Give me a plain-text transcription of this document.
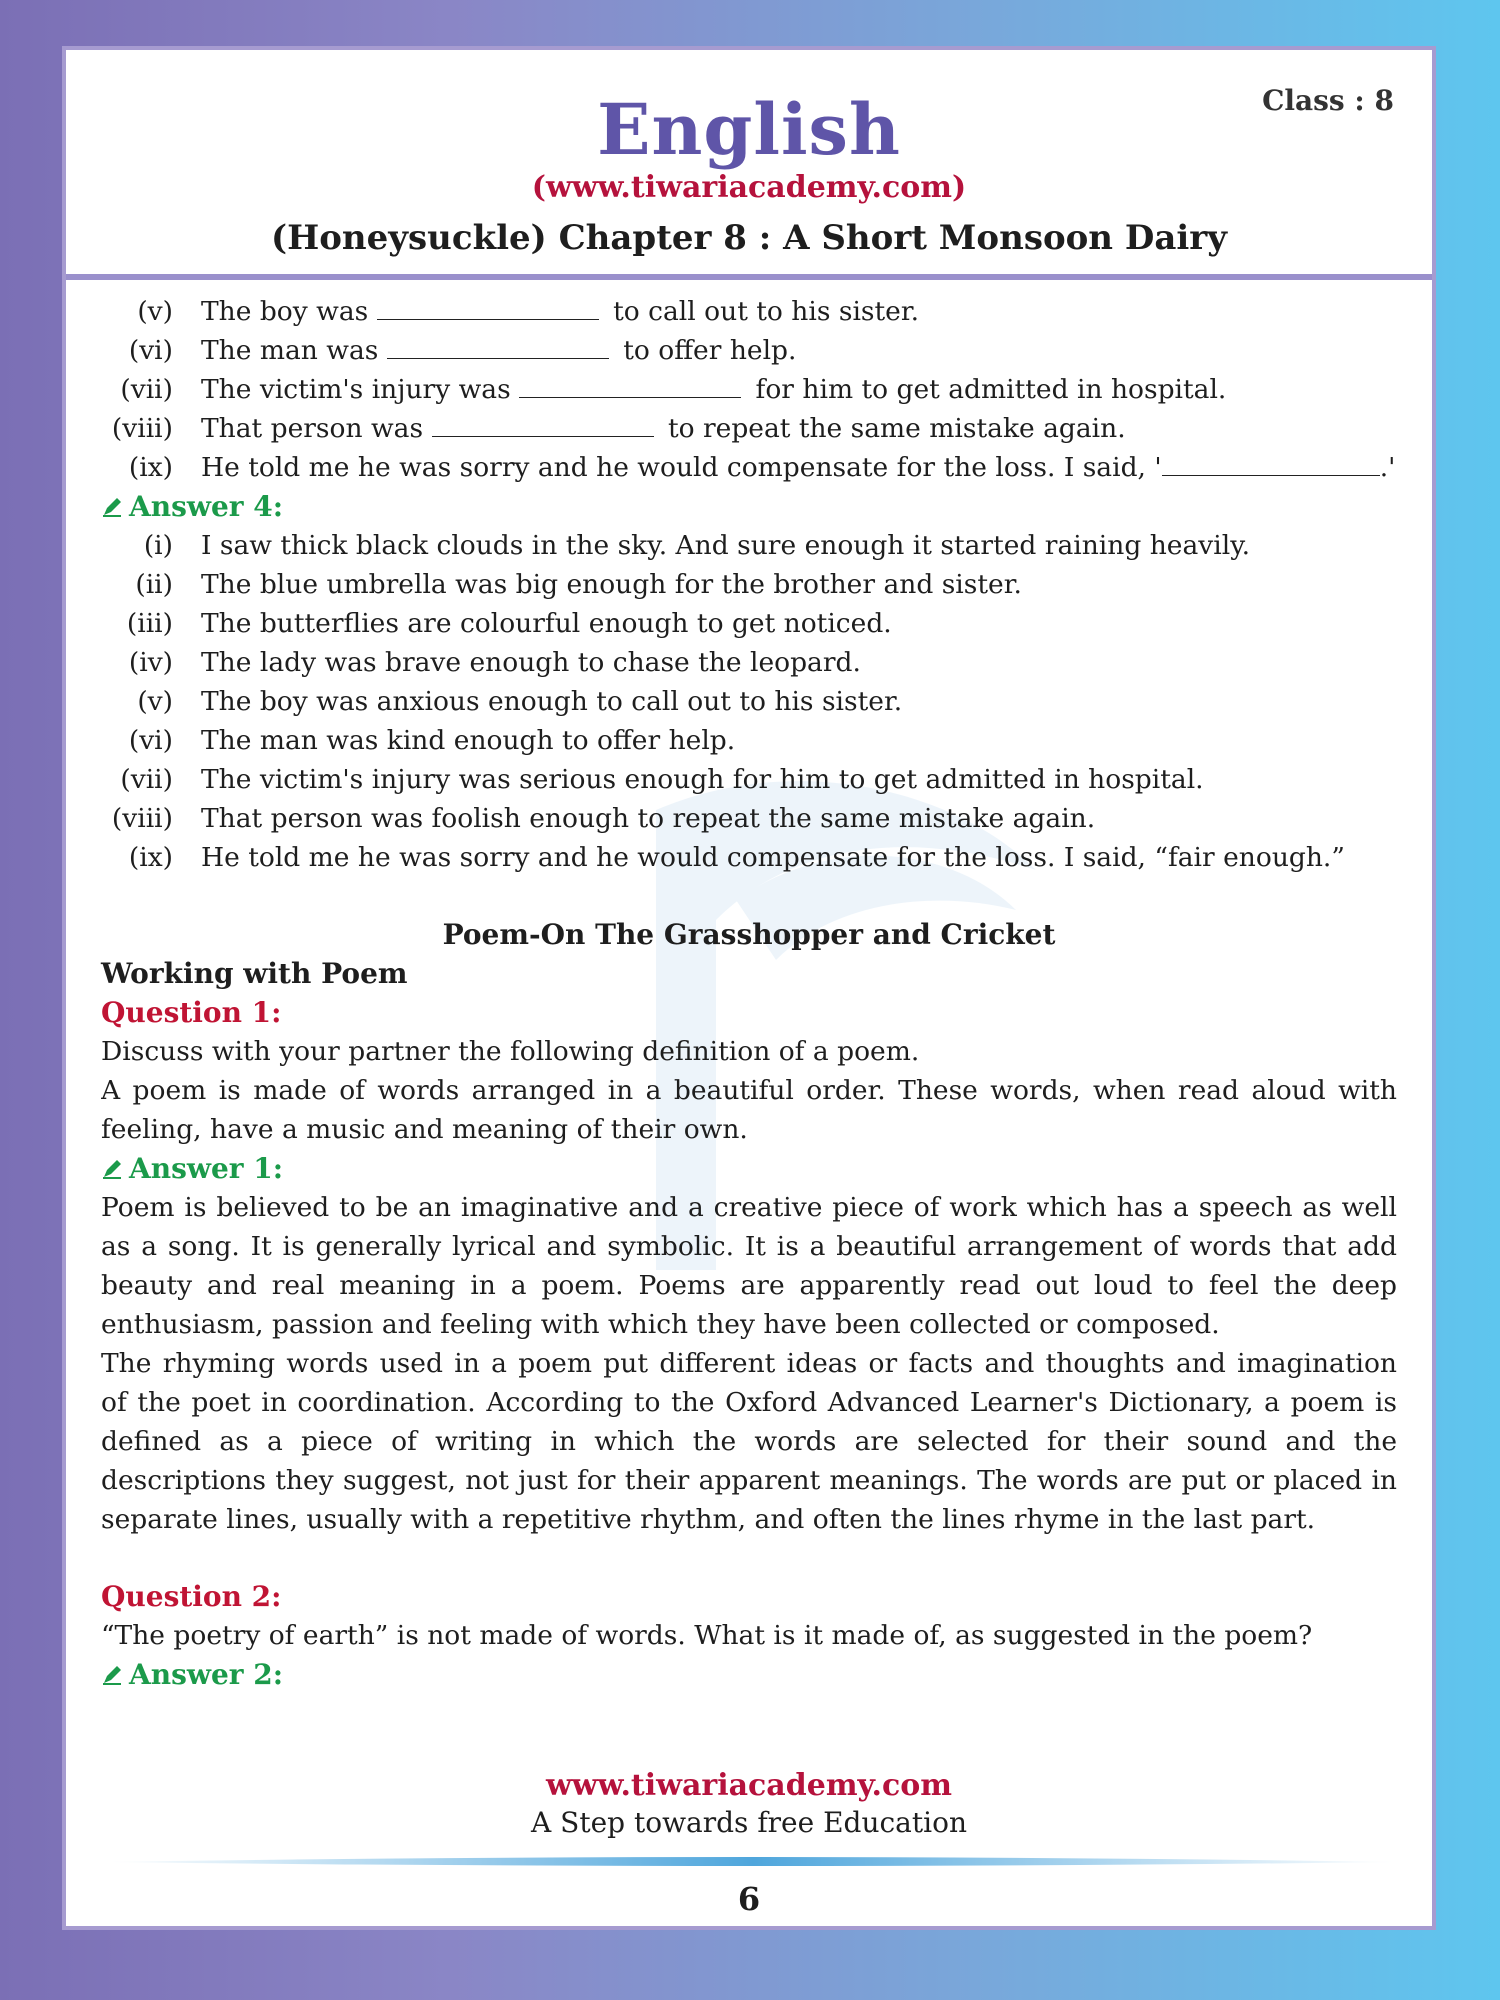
English	Class : 8
(www.tiwariacademy.com)
(Honeysuckle) Chapter 8 : A Short Monsoon Dairy
(v)	The boy was	to call out to his sister.
(vi)	The man was	to offer help.
(vii)	The victim's injury was	for him to get admitted in hospital.
(viii)	That person was	to repeat the same mistake again.
(ix)	He told me he was sorry and he would compensate for the loss. I said, '	.'
Answer 4:
(i)	I saw thick black clouds in the sky. And sure enough it started raining heavily.
(ii)	The blue umbrella was big enough for the brother and sister.
(iii)	The butterflies are colourful enough to get noticed.
(iv)	The lady was brave enough to chase the leopard.
(v)	The boy was anxious enough to call out to his sister.
(vi)	The man was kind enough to offer help.
(vii)	The victim's injury was serious enough for him to get admitted in hospital.
(viii)	That person was foolish enough to repeat the same mistake again.
(ix)	He told me he was sorry and he would compensate for the loss. I said, “fair enough.”
Poem-On The Grasshopper and Cricket
Working with Poem
Question 1:
Discuss with your partner the following definition of a poem.
A poem is made of words arranged in a beautiful order. These words, when read aloud with
feeling, have a music and meaning of their own.
Answer 1:
Poem is believed to be an imaginative and a creative piece of work which has a speech as well
as a song. It is generally lyrical and symbolic. It is a beautiful arrangement of words that add
beauty and real meaning in a poem. Poems are apparently read out loud to feel the deep
enthusiasm, passion and feeling with which they have been collected or composed.
The rhyming words used in a poem put different ideas or facts and thoughts and imagination
of the poet in coordination. According to the Oxford Advanced Learner's Dictionary, a poem is
defined as a piece of writing in which the words are selected for their sound and the
descriptions they suggest, not just for their apparent meanings. The words are put or placed in
separate lines, usually with a repetitive rhythm, and often the lines rhyme in the last part.
Question 2:
“The poetry of earth” is not made of words. What is it made of, as suggested in the poem?
Answer 2:
www.tiwariacademy.com
A Step towards free Education
6
